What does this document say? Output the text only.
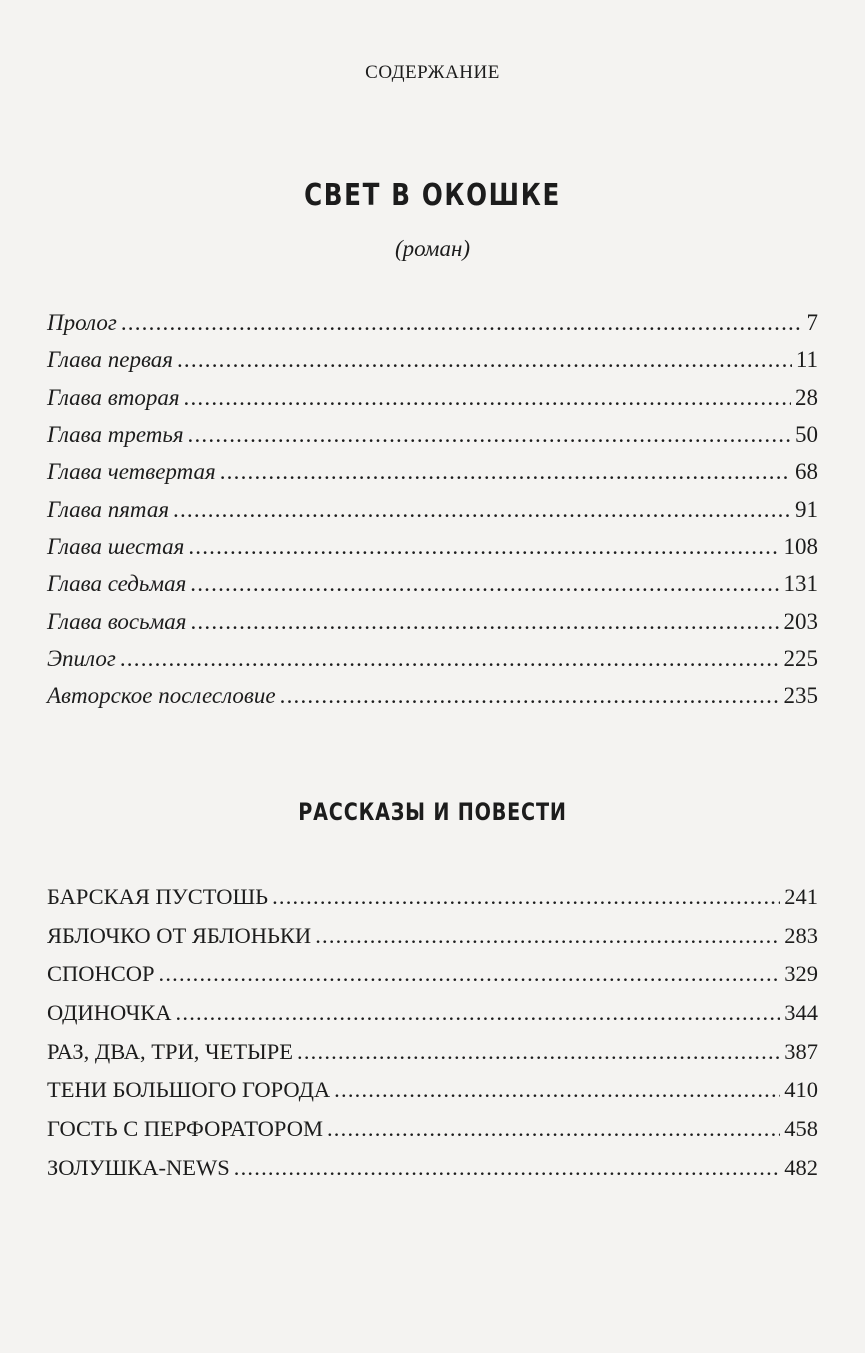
СОДЕРЖАНИЕ
СВЕТ В ОКОШКЕ
(роман)
Пролог .....	7
Глава первая .....	11
Глава вторая .....	28
Глава третья .....	50
Глава четвертая .....	68
Глава пятая .....	91
Глава шестая .....	108
Глава седьмая .....	131
Глава восьмая .....	203
Эпилог .....	225
Авторское послесловие .....	235
РАССКАЗЫ И ПОВЕСТИ
БАРСКАЯ ПУСТОШЬ .....	241
ЯБЛОЧКО ОТ ЯБЛОНЬКИ .....	283
СПОНСОР .....	329
ОДИНОЧКА .....	344
РАЗ, ДВА, ТРИ, ЧЕТЫРЕ .....	387
ТЕНИ БОЛЬШОГО ГОРОДА .....	410
ГОСТЬ С ПЕРФОРАТОРОМ .....	458
ЗОЛУШКА-NEWS .....	482
